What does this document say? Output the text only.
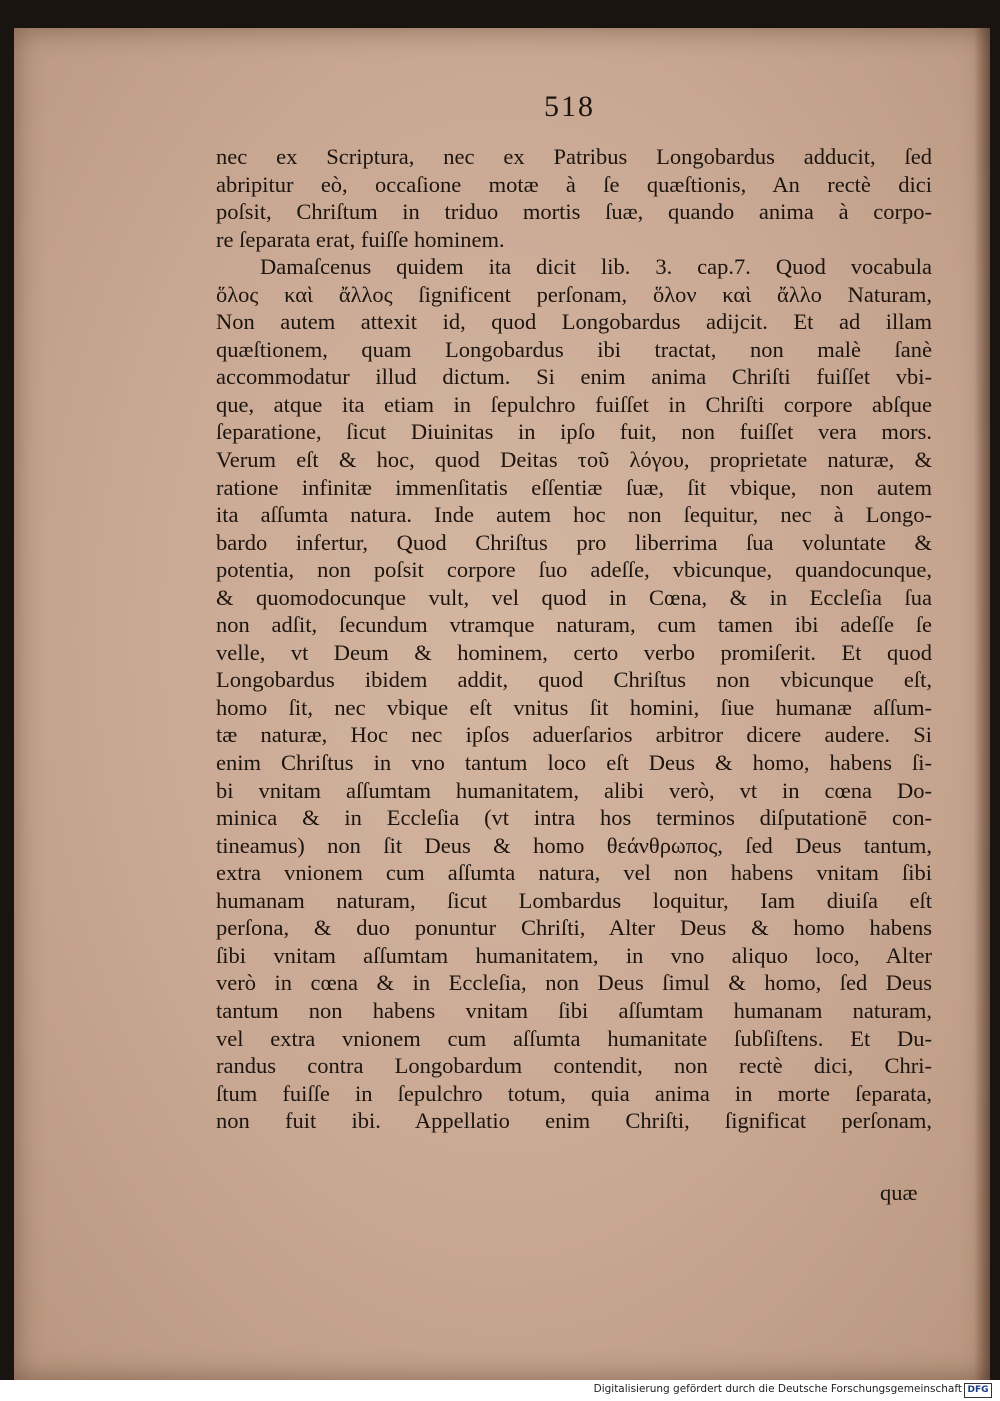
518
nec ex Scriptura, nec ex Patribus Longobardus adducit, ſed
abripitur eò, occaſione motæ à ſe quæſtionis, An rectè dici
poſsit, Chriſtum in triduo mortis ſuæ, quando anima à corpo-
re ſeparata erat, fuiſſe hominem.
Damaſcenus quidem ita dicit lib. 3. cap.7. Quod vocabula
ὅλος καὶ ἄλλος ſignificent perſonam, ὅλον καὶ ἄλλο Naturam,
Non autem attexit id, quod Longobardus adijcit. Et ad illam
quæſtionem, quam Longobardus ibi tractat, non malè ſanè
accommodatur illud dictum. Si enim anima Chriſti fuiſſet vbi-
que, atque ita etiam in ſepulchro fuiſſet in Chriſti corpore abſque
ſeparatione, ſicut Diuinitas in ipſo fuit, non fuiſſet vera mors.
Verum eſt & hoc, quod Deitas τοῦ λόγου, proprietate naturæ, &
ratione infinitæ immenſitatis eſſentiæ ſuæ, ſit vbique, non autem
ita aſſumta natura. Inde autem hoc non ſequitur, nec à Longo-
bardo infertur, Quod Chriſtus pro liberrima ſua voluntate &
potentia, non poſsit corpore ſuo adeſſe, vbicunque, quandocunque,
& quomodocunque vult, vel quod in Cœna, & in Eccleſia ſua
non adſit, ſecundum vtramque naturam, cum tamen ibi adeſſe ſe
velle, vt Deum & hominem, certo verbo promiſerit. Et quod
Longobardus ibidem addit, quod Chriſtus non vbicunque eſt,
homo ſit, nec vbique eſt vnitus ſit homini, ſiue humanæ aſſum-
tæ naturæ, Hoc nec ipſos aduerſarios arbitror dicere audere. Si
enim Chriſtus in vno tantum loco eſt Deus & homo, habens ſi-
bi vnitam aſſumtam humanitatem, alibi verò, vt in cœna Do-
minica & in Eccleſia (vt intra hos terminos diſputationē con-
tineamus) non ſit Deus & homo θεάνθρωπος, ſed Deus tantum,
extra vnionem cum aſſumta natura, vel non habens vnitam ſibi
humanam naturam, ſicut Lombardus loquitur, Iam diuiſa eſt
perſona, & duo ponuntur Chriſti, Alter Deus & homo habens
ſibi vnitam aſſumtam humanitatem, in vno aliquo loco, Alter
verò in cœna & in Eccleſia, non Deus ſimul & homo, ſed Deus
tantum non habens vnitam ſibi aſſumtam humanam naturam,
vel extra vnionem cum aſſumta humanitate ſubſiſtens. Et Du-
randus contra Longobardum contendit, non rectè dici, Chri-
ſtum fuiſſe in ſepulchro totum, quia anima in morte ſeparata,
non fuit ibi. Appellatio enim Chriſti, ſignificat perſonam,
quæ
Digitalisierung gefördert durch die Deutsche Forschungsgemeinschaft DFG
